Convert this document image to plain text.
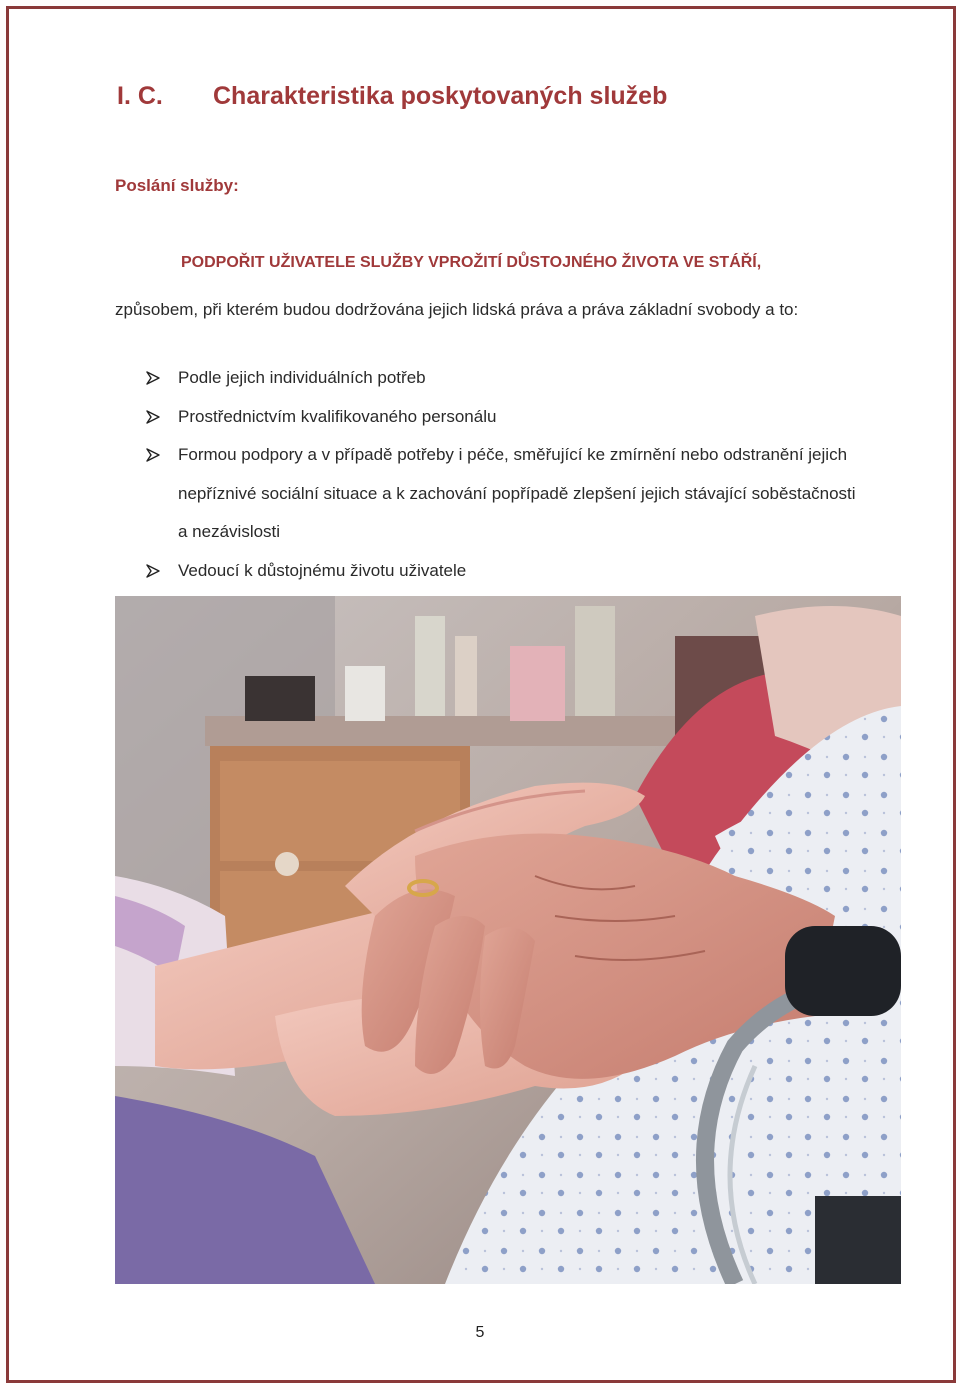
I. C. Charakteristika poskytovaných služeb
Poslání služby:
PODPOŘIT UŽIVATELE SLUŽBY VPROŽITÍ DŮSTOJNÉHO ŽIVOTA VE STÁŘÍ,
způsobem, při kterém budou dodržována jejich lidská práva a práva základní svobody a to:
Podle jejich individuálních potřeb
Prostřednictvím kvalifikovaného personálu
Formou podpory a v případě potřeby i péče, směřující ke zmírnění nebo odstranění jejich nepříznivé sociální situace a k zachování popřípadě zlepšení jejich stávající soběstačnosti a nezávislosti
Vedoucí k důstojnému životu uživatele
5
